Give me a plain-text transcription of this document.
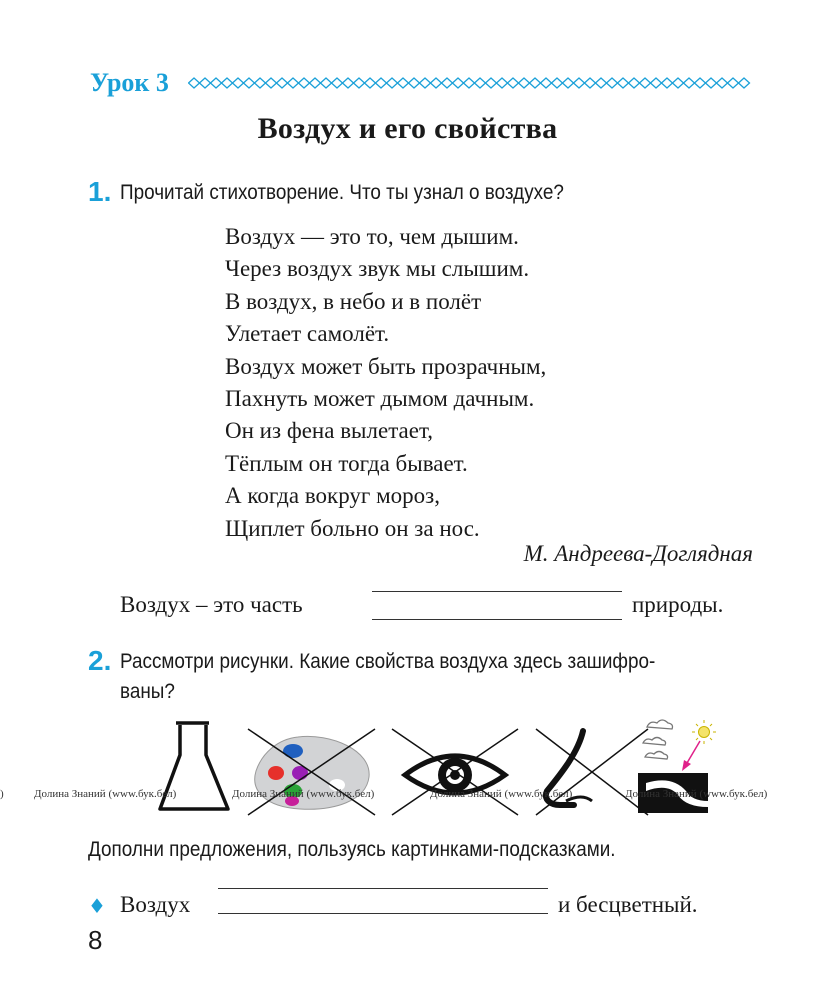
Урок 3
Воздух и его свойства
1. Прочитай стихотворение. Что ты узнал о воздухе?
Воздух — это то, чем дышим.
Через воздух звук мы слышим.
В воздух, в небо и в полёт
Улетает самолёт.
Воздух может быть прозрачным,
Пахнуть может дымом дачным.
Он из фена вылетает,
Тёплым он тогда бывает.
А когда вокруг мороз,
Щиплет больно он за нос.
М. Андреева-Доглядная
Воздух – это часть	природы.
2. Рассмотри рисунки. Какие свойства воздуха здесь зашифро-
ваны?
)	Долина Знаний (www.бук.бел)	Долина Знаний (www.бук.бел)	Долина Знаний (www.бук.бел)	Долина Знаний (www.бук.бел)
Дополни предложения, пользуясь картинками-подсказками.
♦ Воздух	и бесцветный.
8
